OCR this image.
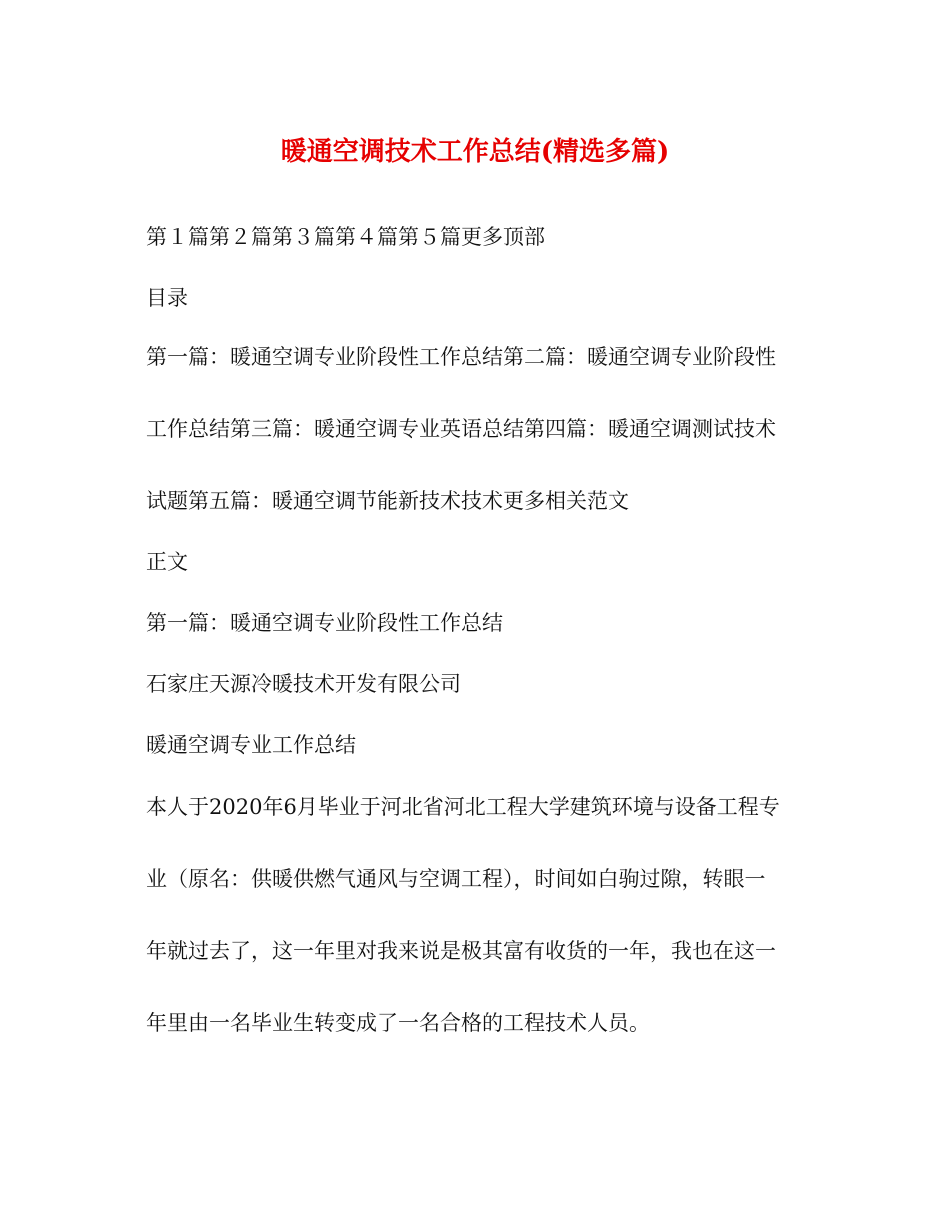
暖通空调技术工作总结(精选多篇)
第１篇第２篇第３篇第４篇第５篇更多顶部
目录
第一篇：暖通空调专业阶段性工作总结第二篇：暖通空调专业阶段性
工作总结第三篇：暖通空调专业英语总结第四篇：暖通空调测试技术
试题第五篇：暖通空调节能新技术技术更多相关范文
正文
第一篇：暖通空调专业阶段性工作总结
石家庄天源冷暖技术开发有限公司
暖通空调专业工作总结
本人于2020年6月毕业于河北省河北工程大学建筑环境与设备工程专
业（原名：供暖供燃气通风与空调工程），时间如白驹过隙，转眼一
年就过去了，这一年里对我来说是极其富有收货的一年，我也在这一
年里由一名毕业生转变成了一名合格的工程技术人员。
